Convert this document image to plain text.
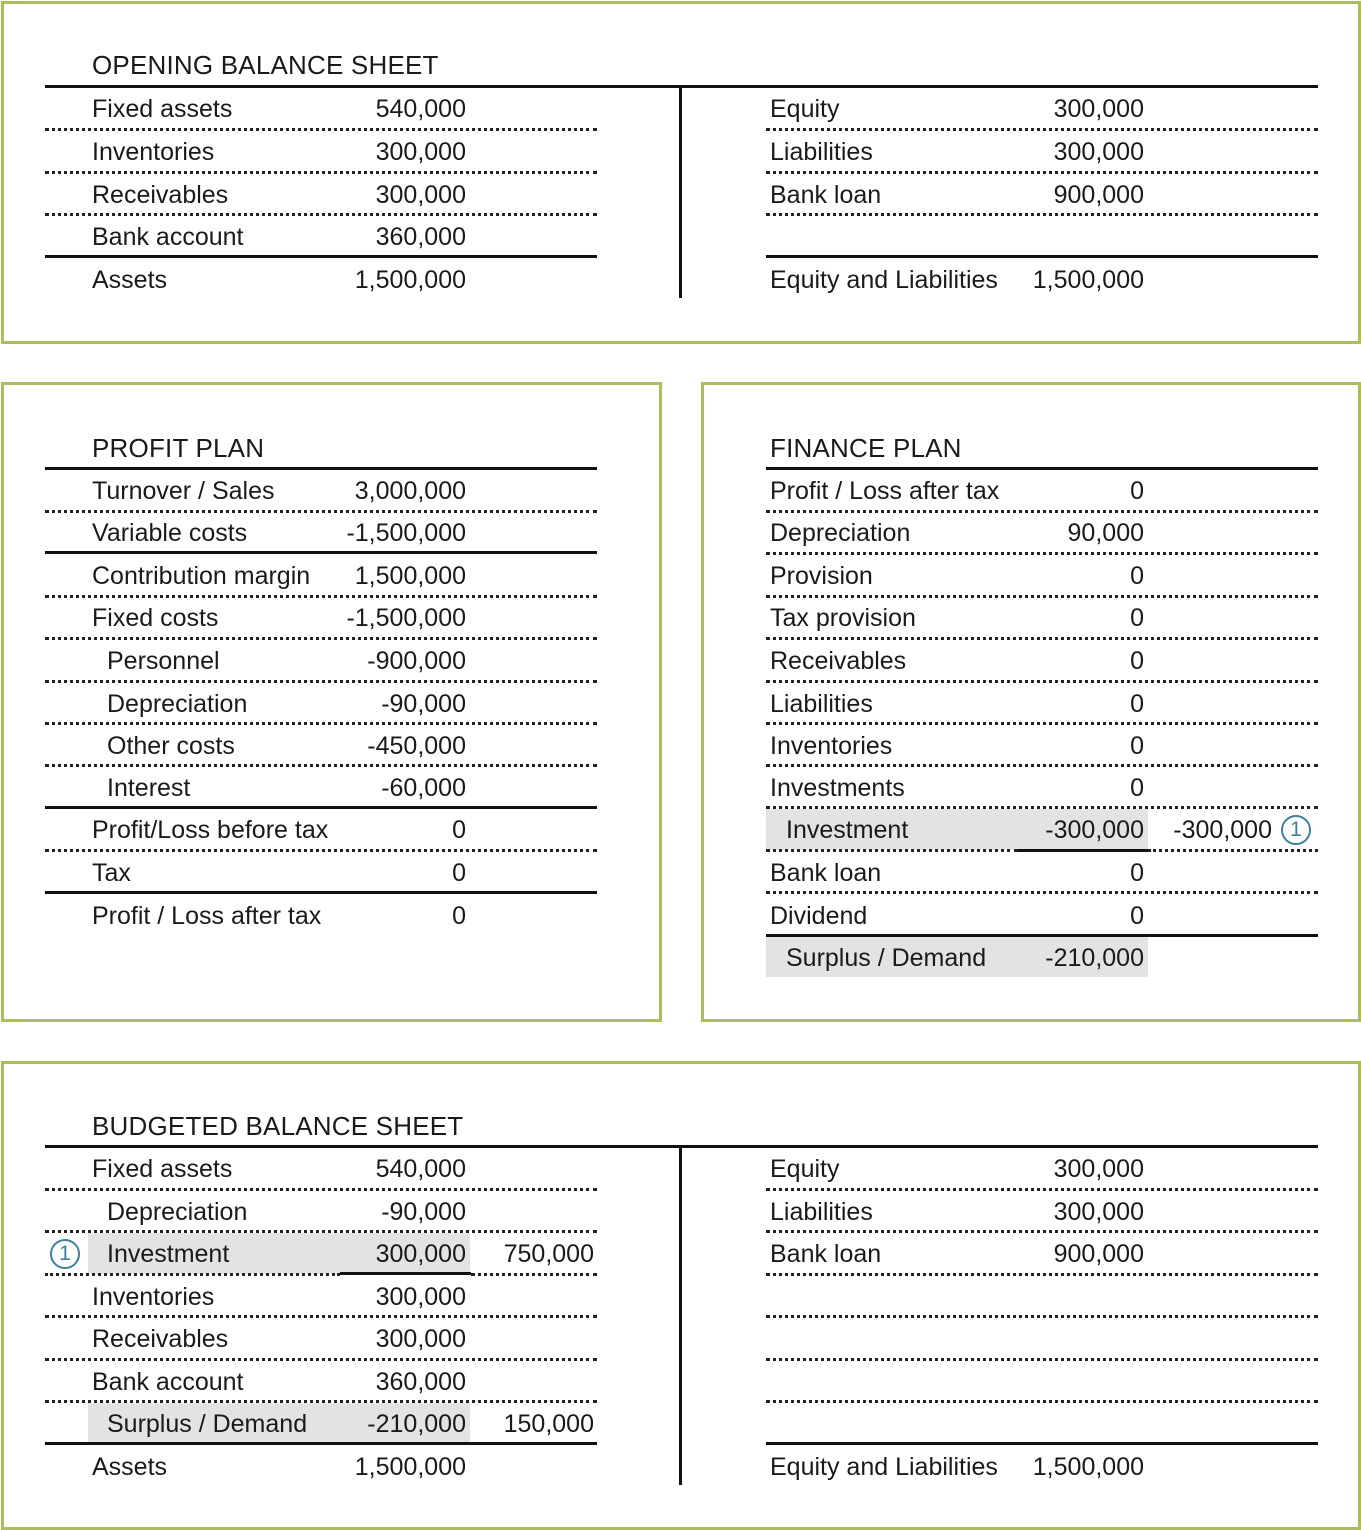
OPENING BALANCE SHEET
Fixed assets	540,000
Inventories	300,000
Receivables	300,000
Bank account	360,000
Assets	1,500,000
Equity	300,000
Liabilities	300,000
Bank loan	900,000
Equity and Liabilities	1,500,000
PROFIT PLAN
Turnover / Sales	3,000,000
Variable costs	-1,500,000
Contribution margin	1,500,000
Fixed costs	-1,500,000
Personnel	-900,000
Depreciation	-90,000
Other costs	-450,000
Interest	-60,000
Profit/Loss before tax	0
Tax	0
Profit / Loss after tax	0
FINANCE PLAN
Profit / Loss after tax	0
Depreciation	90,000
Provision	0
Tax provision	0
Receivables	0
Liabilities	0
Inventories	0
Investments	0
Investment	-300,000	-300,000 1
Bank loan	0
Dividend	0
Surplus / Demand	-210,000
BUDGETED BALANCE SHEET
Fixed assets	540,000
Depreciation	-90,000
1	Investment	300,000	750,000
Inventories	300,000
Receivables	300,000
Bank account	360,000
Surplus / Demand	-210,000	150,000
Assets	1,500,000
Equity	300,000
Liabilities	300,000
Bank loan	900,000
Equity and Liabilities	1,500,000
